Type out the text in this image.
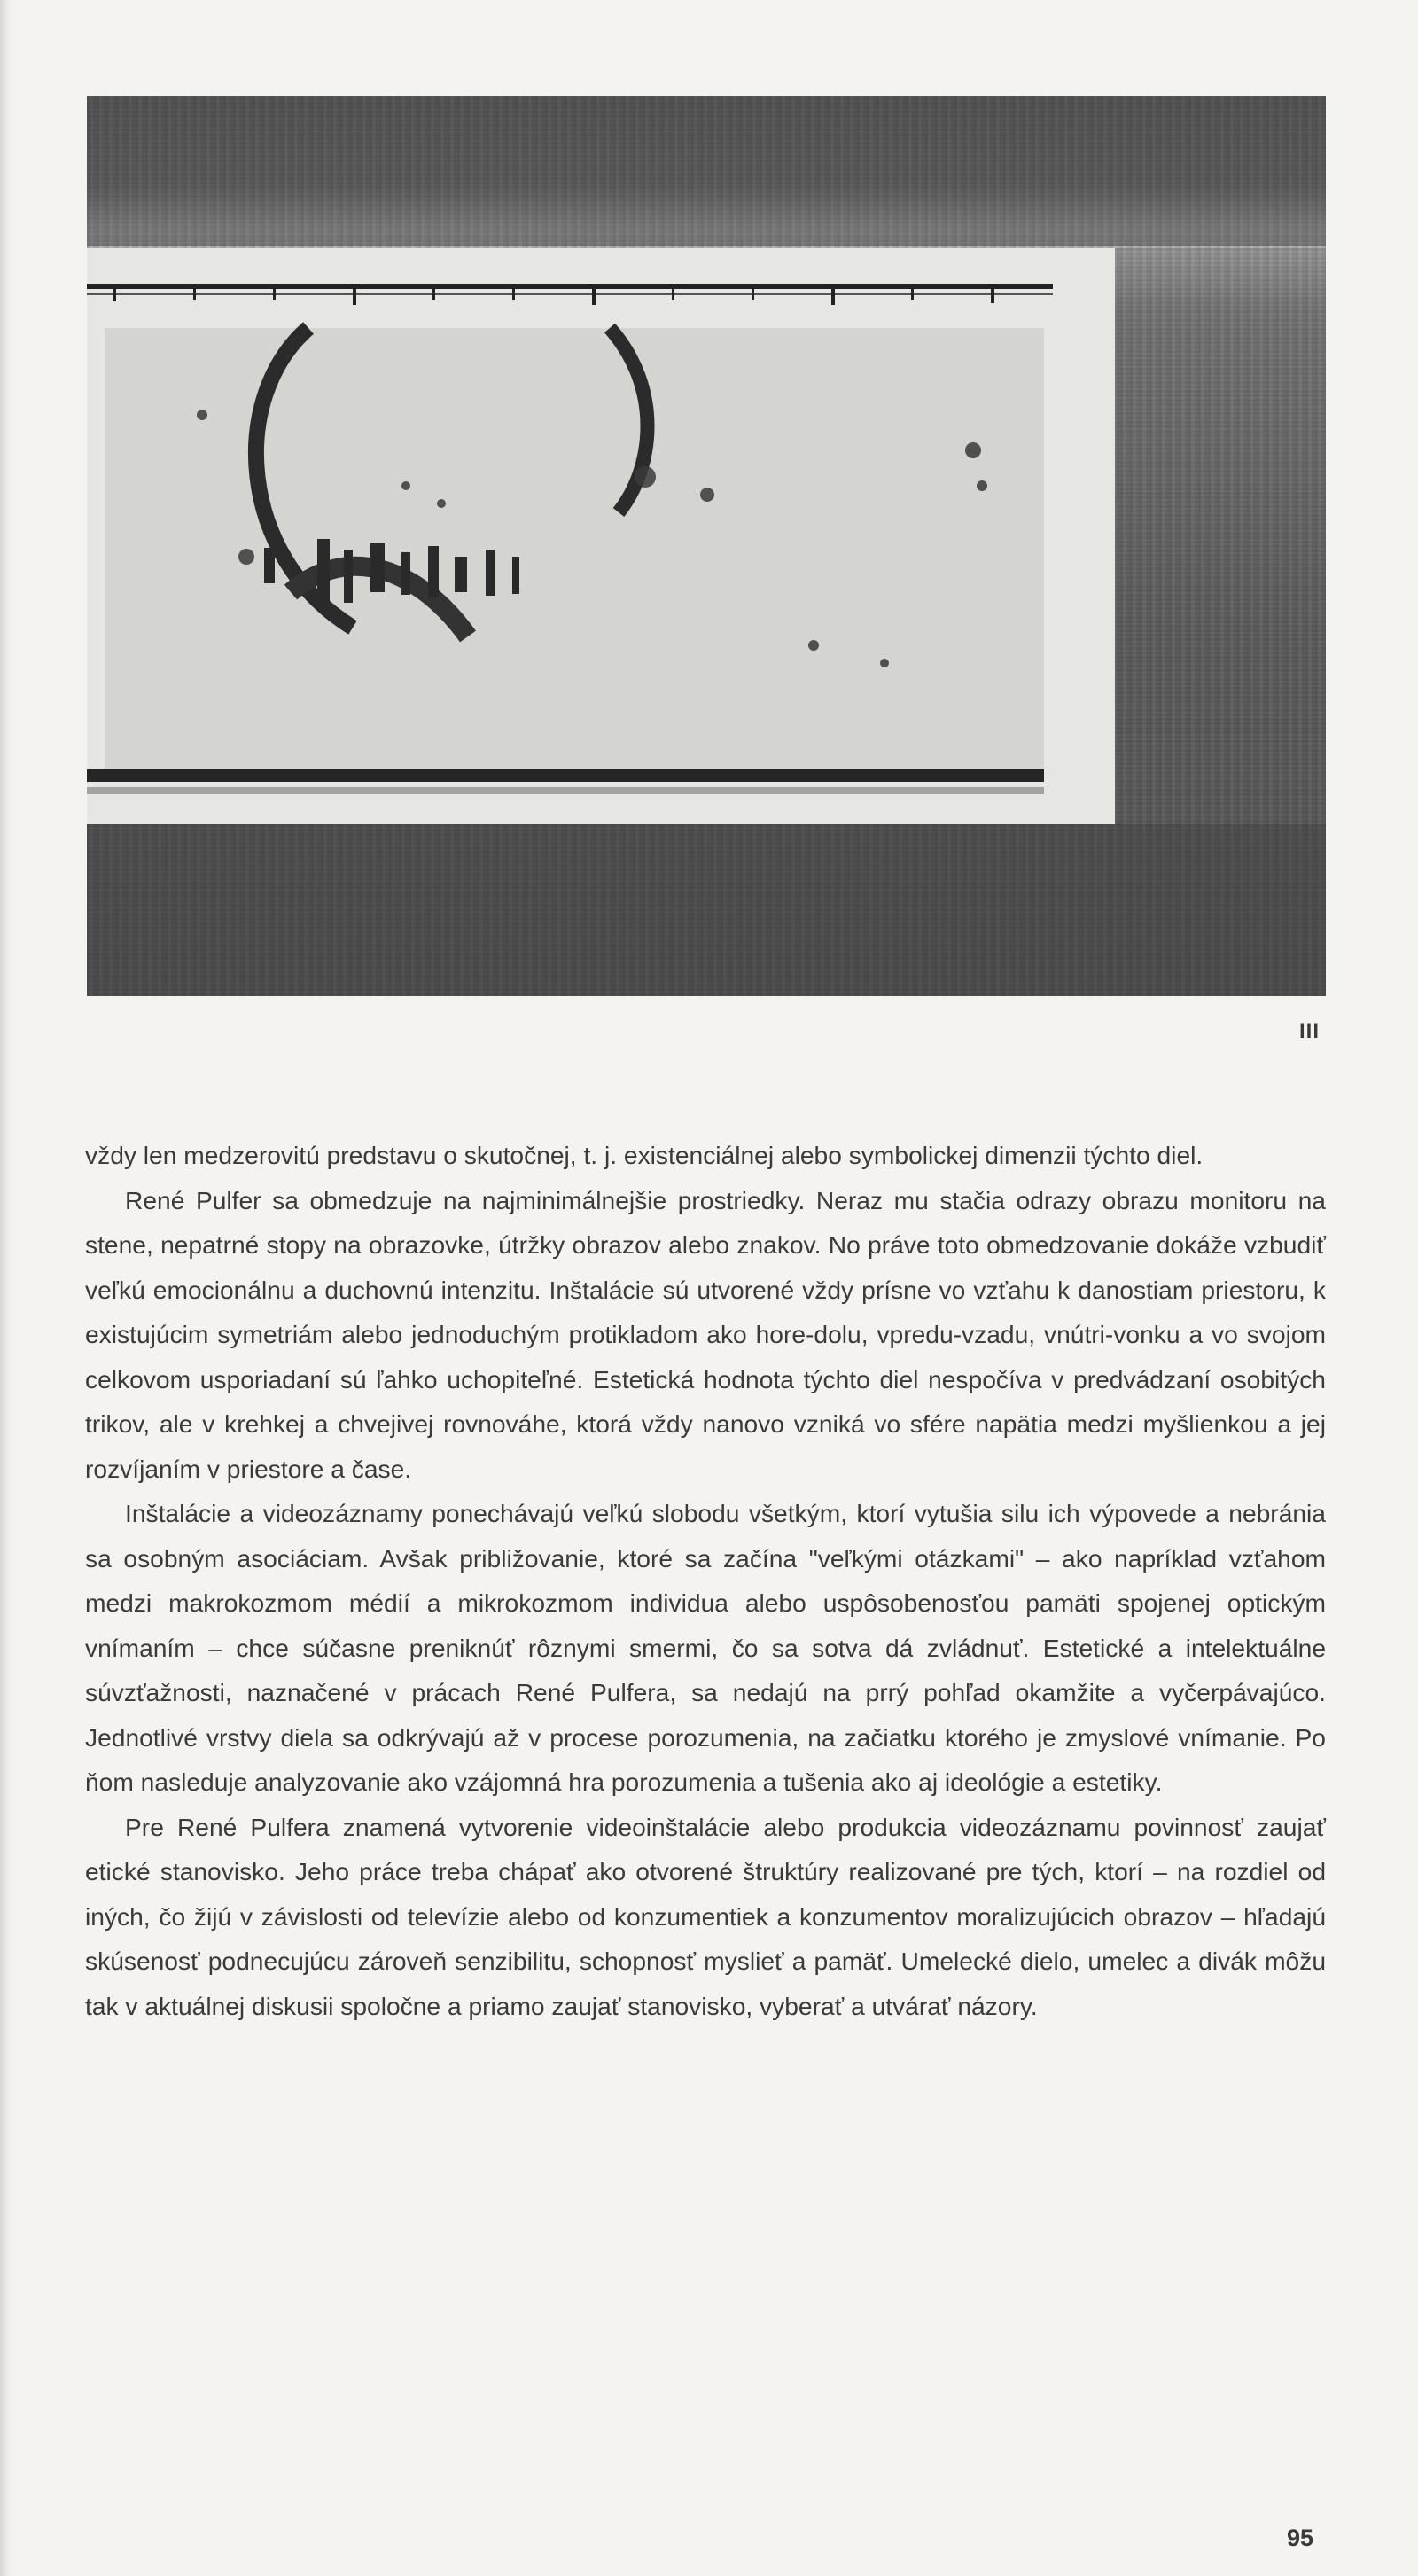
III

vždy len medzerovitú predstavu o skutočnej, t. j. existenciálnej alebo symbolickej dimenzii týchto diel.

René Pulfer sa obmedzuje na najminimálnejšie prostriedky. Neraz mu stačia odrazy obrazu monitoru na stene, nepatrné stopy na obrazovke, útržky obrazov alebo znakov. No práve toto obmedzovanie dokáže vzbudiť veľkú emocionálnu a duchovnú intenzitu. Inštalácie sú utvorené vždy prísne vo vzťahu k danostiam priestoru, k existujúcim symetriám alebo jednoduchým protikladom ako hore-dolu, vpredu-vzadu, vnútri-vonku a vo svojom celkovom usporiadaní sú ľahko uchopiteľné. Estetická hodnota týchto diel nespočíva v predvádzaní osobitých trikov, ale v krehkej a chvejivej rovnováhe, ktorá vždy nanovo vzniká vo sfére napätia medzi myšlienkou a jej rozvíjaním v priestore a čase.

Inštalácie a videozáznamy ponechávajú veľkú slobodu všetkým, ktorí vytušia silu ich výpovede a nebránia sa osobným asociáciam. Avšak približovanie, ktoré sa začína "veľkými otázkami" – ako napríklad vzťahom medzi makrokozmom médií a mikrokozmom individua alebo uspôsobenosťou pamäti spojenej optickým vnímaním – chce súčasne preniknúť rôznymi smermi, čo sa sotva dá zvládnuť. Estetické a intelektuálne súvzťažnosti, naznačené v prácach René Pulfera, sa nedajú na prrý pohľad okamžite a vyčerpávajúco. Jednotlivé vrstvy diela sa odkrývajú až v procese porozumenia, na začiatku ktorého je zmyslové vnímanie. Po ňom nasleduje analyzovanie ako vzájomná hra porozumenia a tušenia ako aj ideológie a estetiky.

Pre René Pulfera znamená vytvorenie videoinštalácie alebo produkcia videozáznamu povinnosť zaujať etické stanovisko. Jeho práce treba chápať ako otvorené štruktúry realizované pre tých, ktorí – na rozdiel od iných, čo žijú v závislosti od televízie alebo od konzumentiek a konzumentov moralizujúcich obrazov – hľadajú skúsenosť podnecujúcu zároveň senzibilitu, schopnosť myslieť a pamäť. Umelecké dielo, umelec a divák môžu tak v aktuálnej diskusii spoločne a priamo zaujať stanovisko, vyberať a utvárať názory.

95
